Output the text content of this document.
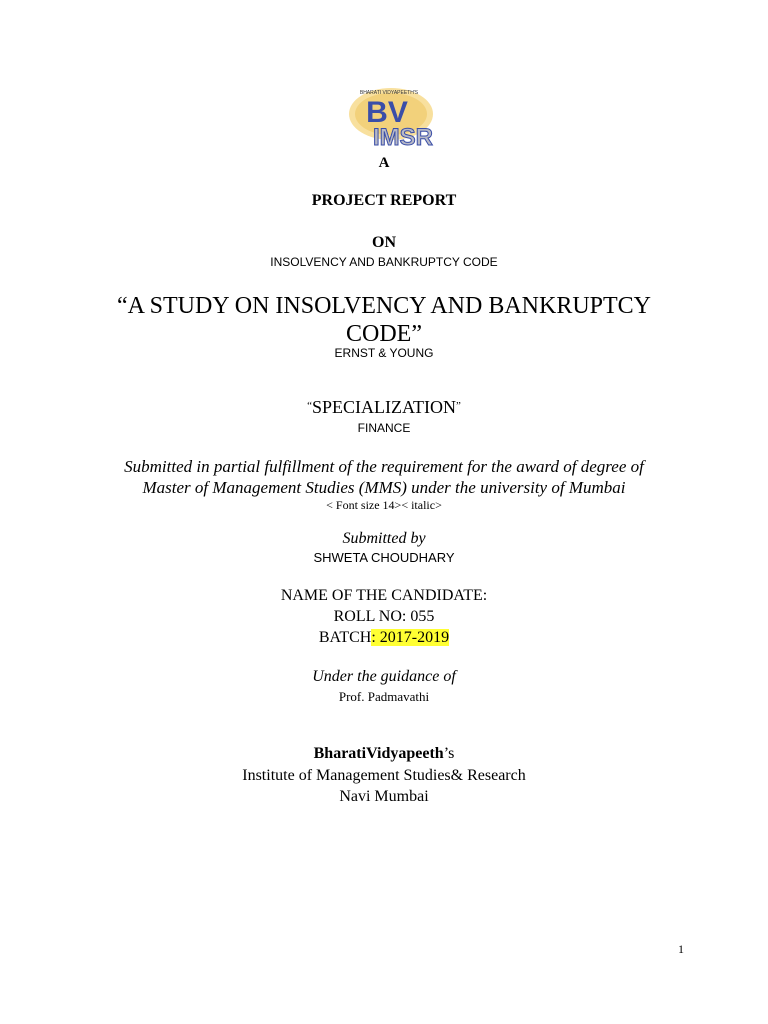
BHARATI VIDYAPEETH'S
BV
IMSR
A
PROJECT REPORT
ON
INSOLVENCY AND BANKRUPTCY CODE
“A STUDY ON INSOLVENCY AND BANKRUPTCY
CODE”
ERNST & YOUNG
“SPECIALIZATION”
FINANCE
Submitted in partial fulfillment of the requirement for the award of degree of
Master of Management Studies (MMS) under the university of Mumbai
< Font size 14>< italic>
Submitted by
SHWETA CHOUDHARY
NAME OF THE CANDIDATE:
ROLL NO: 055
BATCH: 2017-2019
Under the guidance of
Prof. Padmavathi
BharatiVidyapeeth’s
Institute of Management Studies& Research
Navi Mumbai
1
